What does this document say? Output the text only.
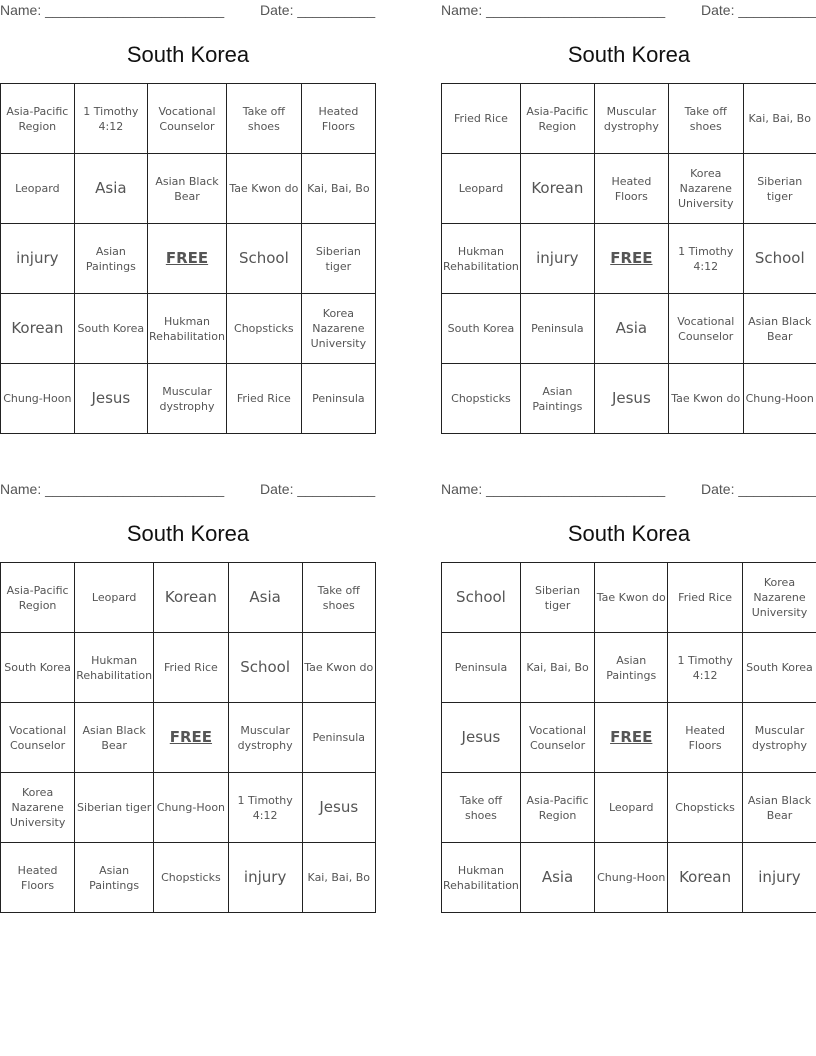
Name: _______________________	Date: __________
South Korea
Asia-Pacific Region	1 Timothy 4:12	Vocational Counselor	Take off shoes	Heated Floors
Leopard	Asia	Asian Black Bear	Tae Kwon do	Kai, Bai, Bo
injury	Asian Paintings	FREE	School	Siberian tiger
Korean	South Korea	Hukman Rehabilitation	Chopsticks	Korea Nazarene University
Chung-Hoon	Jesus	Muscular dystrophy	Fried Rice	Peninsula
Name: _______________________	Date: __________
South Korea
Fried Rice	Asia-Pacific Region	Muscular dystrophy	Take off shoes	Kai, Bai, Bo
Leopard	Korean	Heated Floors	Korea Nazarene University	Siberian tiger
Hukman Rehabilitation	injury	FREE	1 Timothy 4:12	School
South Korea	Peninsula	Asia	Vocational Counselor	Asian Black Bear
Chopsticks	Asian Paintings	Jesus	Tae Kwon do	Chung-Hoon
Name: _______________________	Date: __________
South Korea
Asia-Pacific Region	Leopard	Korean	Asia	Take off shoes
South Korea	Hukman Rehabilitation	Fried Rice	School	Tae Kwon do
Vocational Counselor	Asian Black Bear	FREE	Muscular dystrophy	Peninsula
Korea Nazarene University	Siberian tiger	Chung-Hoon	1 Timothy 4:12	Jesus
Heated Floors	Asian Paintings	Chopsticks	injury	Kai, Bai, Bo
Name: _______________________	Date: __________
South Korea
School	Siberian tiger	Tae Kwon do	Fried Rice	Korea Nazarene University
Peninsula	Kai, Bai, Bo	Asian Paintings	1 Timothy 4:12	South Korea
Jesus	Vocational Counselor	FREE	Heated Floors	Muscular dystrophy
Take off shoes	Asia-Pacific Region	Leopard	Chopsticks	Asian Black Bear
Hukman Rehabilitation	Asia	Chung-Hoon	Korean	injury
